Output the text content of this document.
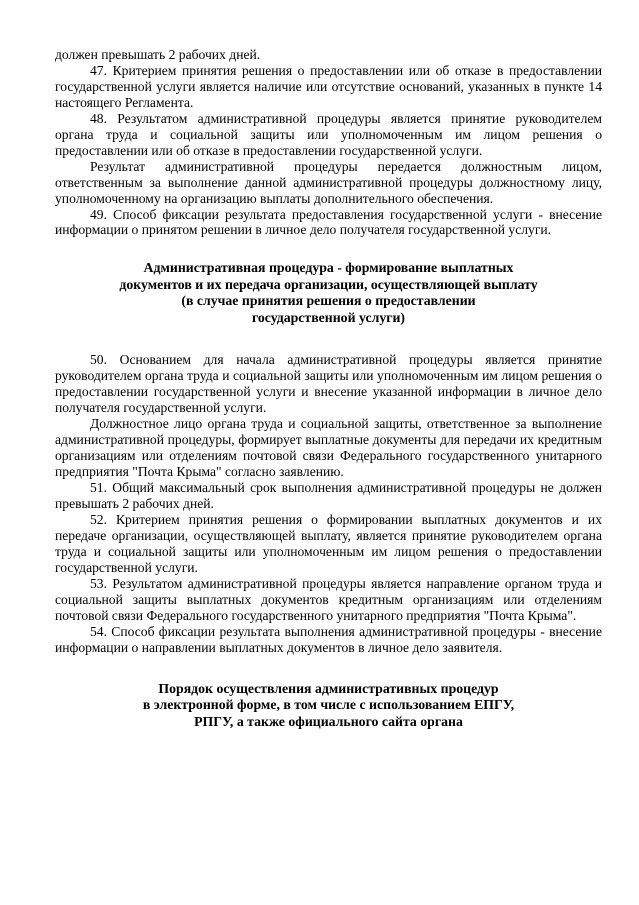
должен превышать 2 рабочих дней.

47. Критерием принятия решения о предоставлении или об отказе в предоставлении государственной услуги является наличие или отсутствие оснований, указанных в пункте 14 настоящего Регламента.

48. Результатом административной процедуры является принятие руководителем органа труда и социальной защиты или уполномоченным им лицом решения о предоставлении или об отказе в предоставлении государственной услуги.

Результат административной процедуры передается должностным лицом, ответственным за выполнение данной административной процедуры должностному лицу, уполномоченному на организацию выплаты дополнительного обеспечения.

49. Способ фиксации результата предоставления государственной услуги - внесение информации о принятом решении в личное дело получателя государственной услуги.

Административная процедура - формирование выплатных
документов и их передача организации, осуществляющей выплату
(в случае принятия решения о предоставлении
государственной услуги)

50. Основанием для начала административной процедуры является принятие руководителем органа труда и социальной защиты или уполномоченным им лицом решения о предоставлении государственной услуги и внесение указанной информации в личное дело получателя государственной услуги.

Должностное лицо органа труда и социальной защиты, ответственное за выполнение административной процедуры, формирует выплатные документы для передачи их кредитным организациям или отделениям почтовой связи Федерального государственного унитарного предприятия "Почта Крыма" согласно заявлению.

51. Общий максимальный срок выполнения административной процедуры не должен превышать 2 рабочих дней.

52. Критерием принятия решения о формировании выплатных документов и их передаче организации, осуществляющей выплату, является принятие руководителем органа труда и социальной защиты или уполномоченным им лицом решения о предоставлении государственной услуги.

53. Результатом административной процедуры является направление органом труда и социальной защиты выплатных документов кредитным организациям или отделениям почтовой связи Федерального государственного унитарного предприятия "Почта Крыма".

54. Способ фиксации результата выполнения административной процедуры - внесение информации о направлении выплатных документов в личное дело заявителя.

Порядок осуществления административных процедур
в электронной форме, в том числе с использованием ЕПГУ,
РПГУ, а также официального сайта органа
